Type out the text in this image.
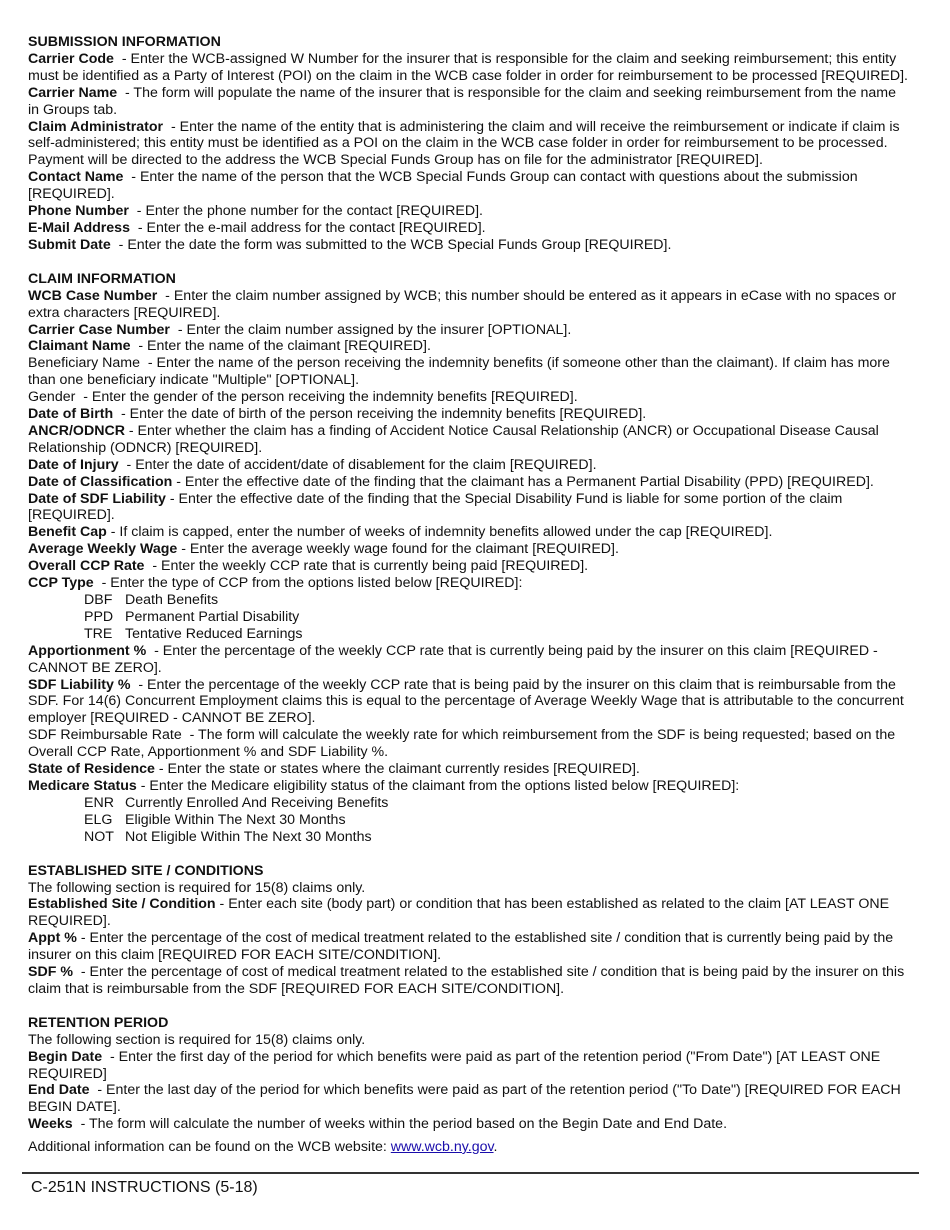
SUBMISSION INFORMATION

Carrier Code  - Enter the WCB-assigned W Number for the insurer that is responsible for the claim and seeking reimbursement; this entity must be identified as a Party of Interest (POI) on the claim in the WCB case folder in order for reimbursement to be processed [REQUIRED].

Carrier Name  - The form will populate the name of the insurer that is responsible for the claim and seeking reimbursement from the name in Groups tab.

Claim Administrator  - Enter the name of the entity that is administering the claim and will receive the reimbursement or indicate if claim is self-administered; this entity must be identified as a POI on the claim in the WCB case folder in order for reimbursement to be processed. Payment will be directed to the address the WCB Special Funds Group has on file for the administrator [REQUIRED].

Contact Name  - Enter the name of the person that the WCB Special Funds Group can contact with questions about the submission [REQUIRED].

Phone Number  - Enter the phone number for the contact [REQUIRED].

E-Mail Address  - Enter the e-mail address for the contact [REQUIRED].

Submit Date  - Enter the date the form was submitted to the WCB Special Funds Group [REQUIRED].

CLAIM INFORMATION

WCB Case Number  - Enter the claim number assigned by WCB; this number should be entered as it appears in eCase with no spaces or extra characters [REQUIRED].

Carrier Case Number  - Enter the claim number assigned by the insurer [OPTIONAL].

Claimant Name  - Enter the name of the claimant [REQUIRED].

Beneficiary Name  - Enter the name of the person receiving the indemnity benefits (if someone other than the claimant). If claim has more than one beneficiary indicate "Multiple" [OPTIONAL].

Gender  - Enter the gender of the person receiving the indemnity benefits [REQUIRED].

Date of Birth  - Enter the date of birth of the person receiving the indemnity benefits [REQUIRED].

ANCR/ODNCR - Enter whether the claim has a finding of Accident Notice Causal Relationship (ANCR) or Occupational Disease Causal Relationship (ODNCR) [REQUIRED].

Date of Injury  - Enter the date of accident/date of disablement for the claim [REQUIRED].

Date of Classification - Enter the effective date of the finding that the claimant has a Permanent Partial Disability (PPD) [REQUIRED].

Date of SDF Liability - Enter the effective date of the finding that the Special Disability Fund is liable for some portion of the claim [REQUIRED].

Benefit Cap - If claim is capped, enter the number of weeks of indemnity benefits allowed under the cap [REQUIRED].

Average Weekly Wage - Enter the average weekly wage found for the claimant [REQUIRED].

Overall CCP Rate  - Enter the weekly CCP rate that is currently being paid [REQUIRED].

CCP Type  - Enter the type of CCP from the options listed below [REQUIRED]:

DBF Death Benefits
PPD Permanent Partial Disability
TRE Tentative Reduced Earnings

Apportionment %  - Enter the percentage of the weekly CCP rate that is currently being paid by the insurer on this claim [REQUIRED - CANNOT BE ZERO].

SDF Liability %  - Enter the percentage of the weekly CCP rate that is being paid by the insurer on this claim that is reimbursable from the SDF. For 14(6) Concurrent Employment claims this is equal to the percentage of Average Weekly Wage that is attributable to the concurrent employer [REQUIRED - CANNOT BE ZERO].

SDF Reimbursable Rate  - The form will calculate the weekly rate for which reimbursement from the SDF is being requested; based on the Overall CCP Rate, Apportionment % and SDF Liability %.

State of Residence - Enter the state or states where the claimant currently resides [REQUIRED].

Medicare Status - Enter the Medicare eligibility status of the claimant from the options listed below [REQUIRED]:

ENR Currently Enrolled And Receiving Benefits
ELG Eligible Within The Next 30 Months
NOT Not Eligible Within The Next 30 Months

ESTABLISHED SITE / CONDITIONS

The following section is required for 15(8) claims only.

Established Site / Condition - Enter each site (body part) or condition that has been established as related to the claim [AT LEAST ONE REQUIRED].

Appt % - Enter the percentage of the cost of medical treatment related to the established site / condition that is currently being paid by the insurer on this claim [REQUIRED FOR EACH SITE/CONDITION].

SDF %  - Enter the percentage of cost of medical treatment related to the established site / condition that is being paid by the insurer on this claim that is reimbursable from the SDF [REQUIRED FOR EACH SITE/CONDITION].

RETENTION PERIOD

The following section is required for 15(8) claims only.

Begin Date  - Enter the first day of the period for which benefits were paid as part of the retention period ("From Date") [AT LEAST ONE REQUIRED]

End Date  - Enter the last day of the period for which benefits were paid as part of the retention period ("To Date") [REQUIRED FOR EACH BEGIN DATE].

Weeks  - The form will calculate the number of weeks within the period based on the Begin Date and End Date.

Additional information can be found on the WCB website: www.wcb.ny.gov.

C-251N INSTRUCTIONS (5-18)
